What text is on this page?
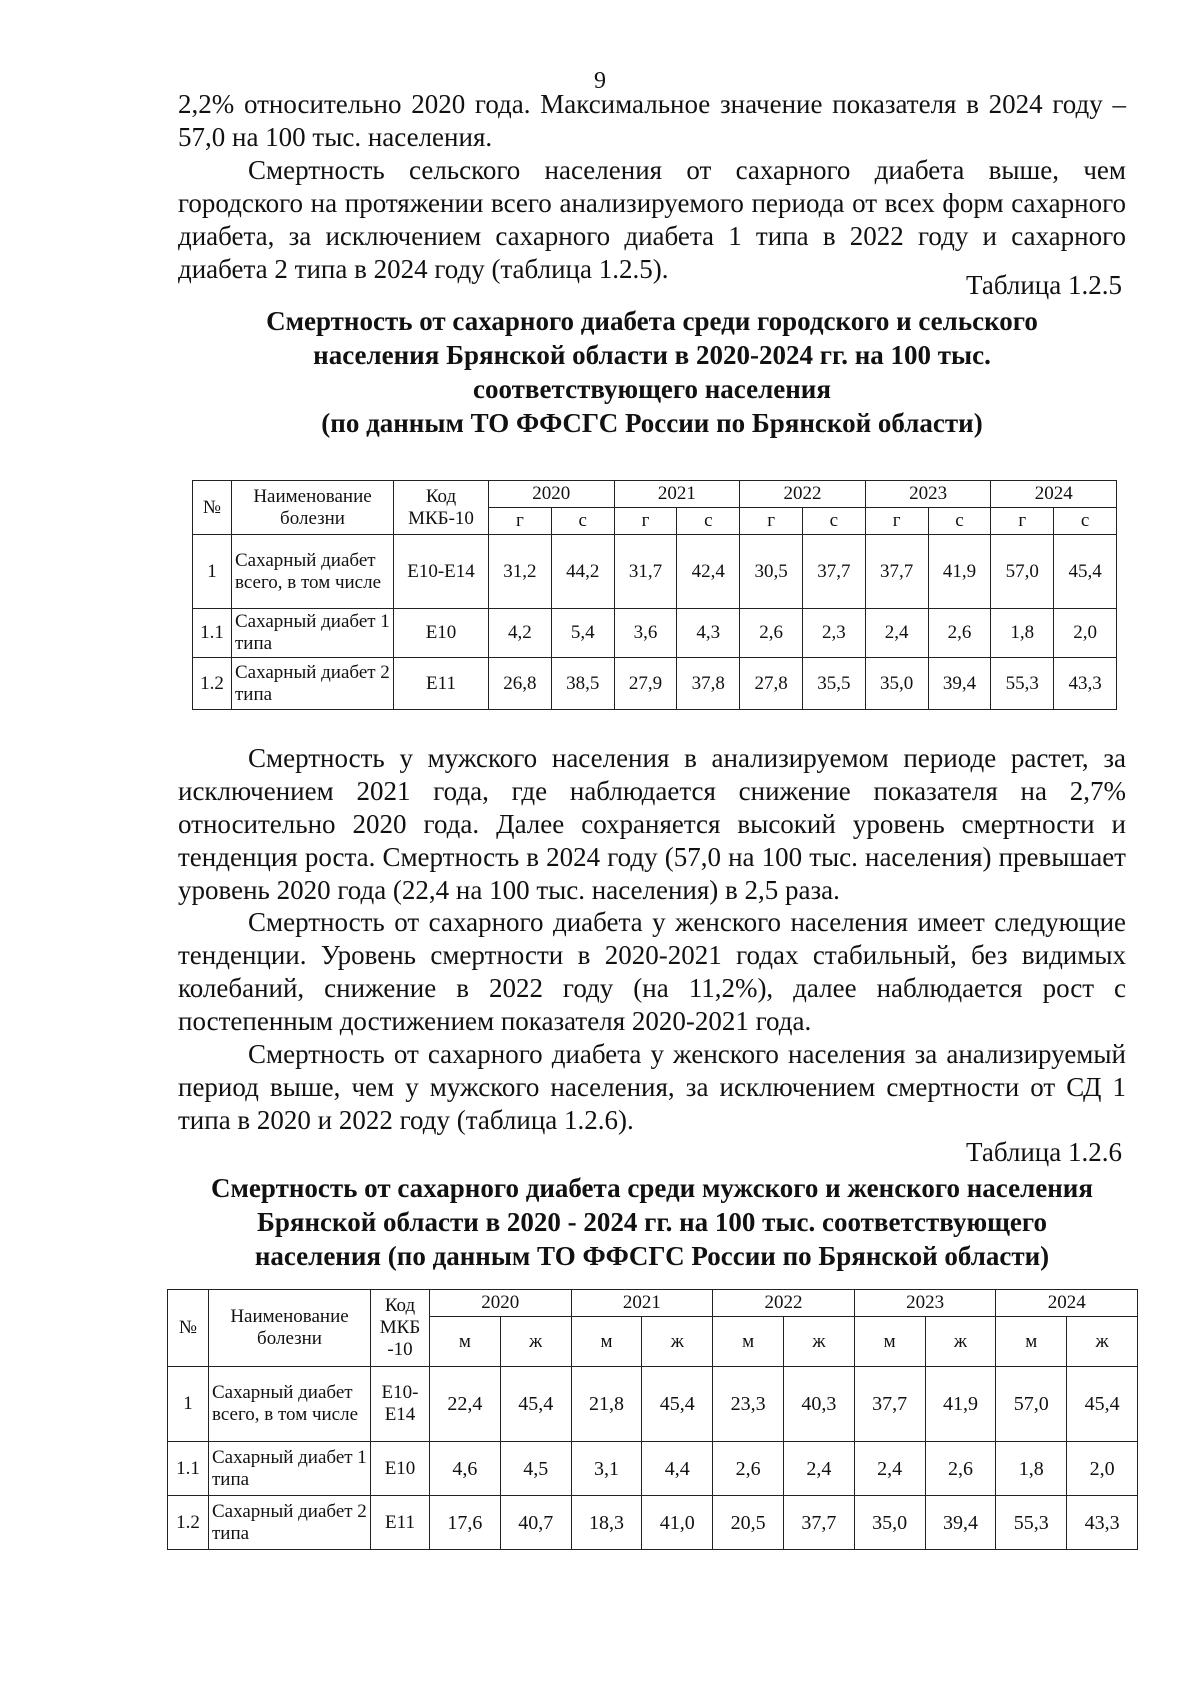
9

2,2% относительно 2020 года. Максимальное значение показателя в 2024 году – 57,0 на 100 тыс. населения.

Смертность сельского населения от сахарного диабета выше, чем городского на протяжении всего анализируемого периода от всех форм сахарного диабета, за исключением сахарного диабета 1 типа в 2022 году и сахарного диабета 2 типа в 2024 году (таблица 1.2.5).

Таблица 1.2.5
Смертность от сахарного диабета среди городского и сельского
населения Брянской области в 2020-2024 гг. на 100 тыс.
соответствующего населения
(по данным ТО ФФСГС России по Брянской области)
№	Наименование болезни	Код МКБ-10	2020		2021		2022		2023		2024	
			г	с	г	с	г	с	г	с	г	с
1	Сахарный диабет всего, в том числе	Е10-Е14	31,2	44,2	31,7	42,4	30,5	37,7	37,7	41,9	57,0	45,4
1.1	Сахарный диабет 1 типа	Е10	4,2	5,4	3,6	4,3	2,6	2,3	2,4	2,6	1,8	2,0
1.2	Сахарный диабет 2 типа	Е11	26,8	38,5	27,9	37,8	27,8	35,5	35,0	39,4	55,3	43,3

Смертность у мужского населения в анализируемом периоде растет, за исключением 2021 года, где наблюдается снижение показателя на 2,7% относительно 2020 года. Далее сохраняется высокий уровень смертности и тенденция роста. Смертность в 2024 году (57,0 на 100 тыс. населения) превышает уровень 2020 года (22,4 на 100 тыс. населения) в 2,5 раза.

Смертность от сахарного диабета у женского населения имеет следующие тенденции. Уровень смертности в 2020-2021 годах стабильный, без видимых колебаний, снижение в 2022 году (на 11,2%), далее наблюдается рост с постепенным достижением показателя 2020-2021 года.

Смертность от сахарного диабета у женского населения за анализируемый период выше, чем у мужского населения, за исключением смертности от СД 1 типа в 2020 и 2022 году (таблица 1.2.6).

Таблица 1.2.6
Смертность от сахарного диабета среди мужского и женского населения
Брянской области в 2020 - 2024 гг. на 100 тыс. соответствующего
населения (по данным ТО ФФСГС России по Брянской области)
№	Наименование болезни	Код МКБ -10	2020		2021		2022		2023		2024	
			м	ж	м	ж	м	ж	м	ж	м	ж
1	Сахарный диабет всего, в том числе	Е10-Е14	22,4	45,4	21,8	45,4	23,3	40,3	37,7	41,9	57,0	45,4
1.1	Сахарный диабет 1 типа	Е10	4,6	4,5	3,1	4,4	2,6	2,4	2,4	2,6	1,8	2,0
1.2	Сахарный диабет 2 типа	Е11	17,6	40,7	18,3	41,0	20,5	37,7	35,0	39,4	55,3	43,3
